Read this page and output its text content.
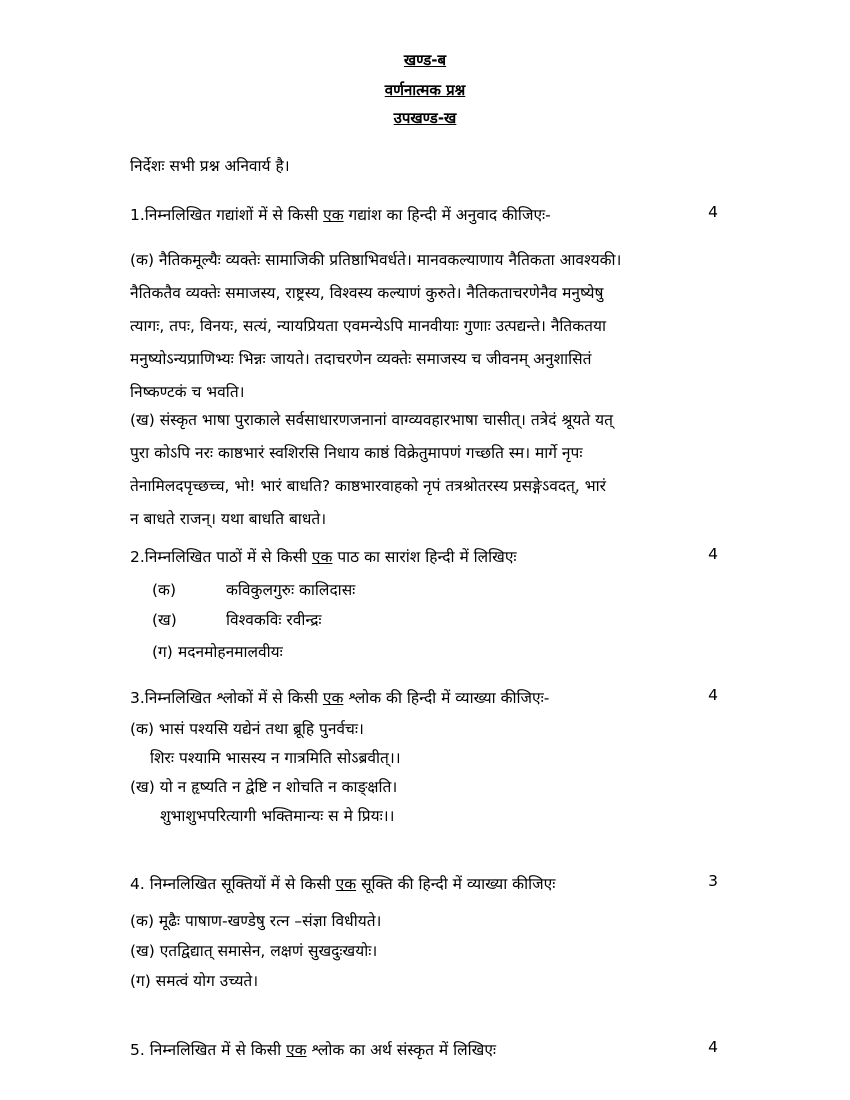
खण्ड-ब
वर्णनात्मक प्रश्न
उपखण्ड-ख
निर्देशः सभी प्रश्न अनिवार्य है।
1.निम्नलिखित गद्यांशों में से किसी एक गद्यांश का हिन्दी में अनुवाद कीजिएः-	4
(क) नैतिकमूल्यैः व्यक्तेः सामाजिकी प्रतिष्ठाभिवर्धते। मानवकल्याणाय नैतिकता आवश्यकी।
नैतिकतैव व्यक्तेः समाजस्य, राष्ट्रस्य, विश्वस्य कल्याणं कुरुते। नैतिकताचरणेनैव मनुष्येषु
त्यागः, तपः, विनयः, सत्यं, न्यायप्रियता एवमन्येऽपि मानवीयाः गुणाः उत्पद्यन्ते। नैतिकतया
मनुष्योऽन्यप्राणिभ्यः भिन्नः जायते। तदाचरणेन व्यक्तेः समाजस्य च जीवनम् अनुशासितं
निष्कण्टकं च भवति।
(ख) संस्कृत भाषा पुराकाले सर्वसाधारणजनानां वाग्व्यवहारभाषा चासीत्। तत्रेदं श्रूयते यत्
पुरा कोऽपि नरः काष्ठभारं स्वशिरसि निधाय काष्ठं विक्रेतुमापणं गच्छति स्म। मार्गे नृपः
तेनामिलदपृच्छच्च, भो! भारं बाधति? काष्ठभारवाहको नृपं तत्रश्रोतरस्य प्रसङ्गेऽवदत्, भारं
न बाधते राजन्। यथा बाधति बाधते।
2.निम्नलिखित पाठों में से किसी एक पाठ का सारांश हिन्दी में लिखिएः	4
(क)	कविकुलगुरुः कालिदासः
(ख)	विश्वकविः रवीन्द्रः
(ग) मदनमोहनमालवीयः
3.निम्नलिखित श्लोकों में से किसी एक श्लोक की हिन्दी में व्याख्या कीजिएः-	4
(क) भासं पश्यसि यद्येनं तथा ब्रूहि पुनर्वचः।
शिरः पश्यामि भासस्य न गात्रमिति सोऽब्रवीत्।।
(ख) यो न हृष्यति न द्वेष्टि न शोचति न काङ्क्षति।
शुभाशुभपरित्यागी भक्तिमान्यः स मे प्रियः।।
4. निम्नलिखित सूक्तियों में से किसी एक सूक्ति की हिन्दी में व्याख्या कीजिएः	3
(क) मूढैः पाषाण-खण्डेषु रत्न –संज्ञा विधीयते।
(ख) एतद्विद्यात् समासेन, लक्षणं सुखदुःखयोः।
(ग) समत्वं योग उच्यते।
5. निम्नलिखित में से किसी एक श्लोक का अर्थ संस्कृत में लिखिएः	4
